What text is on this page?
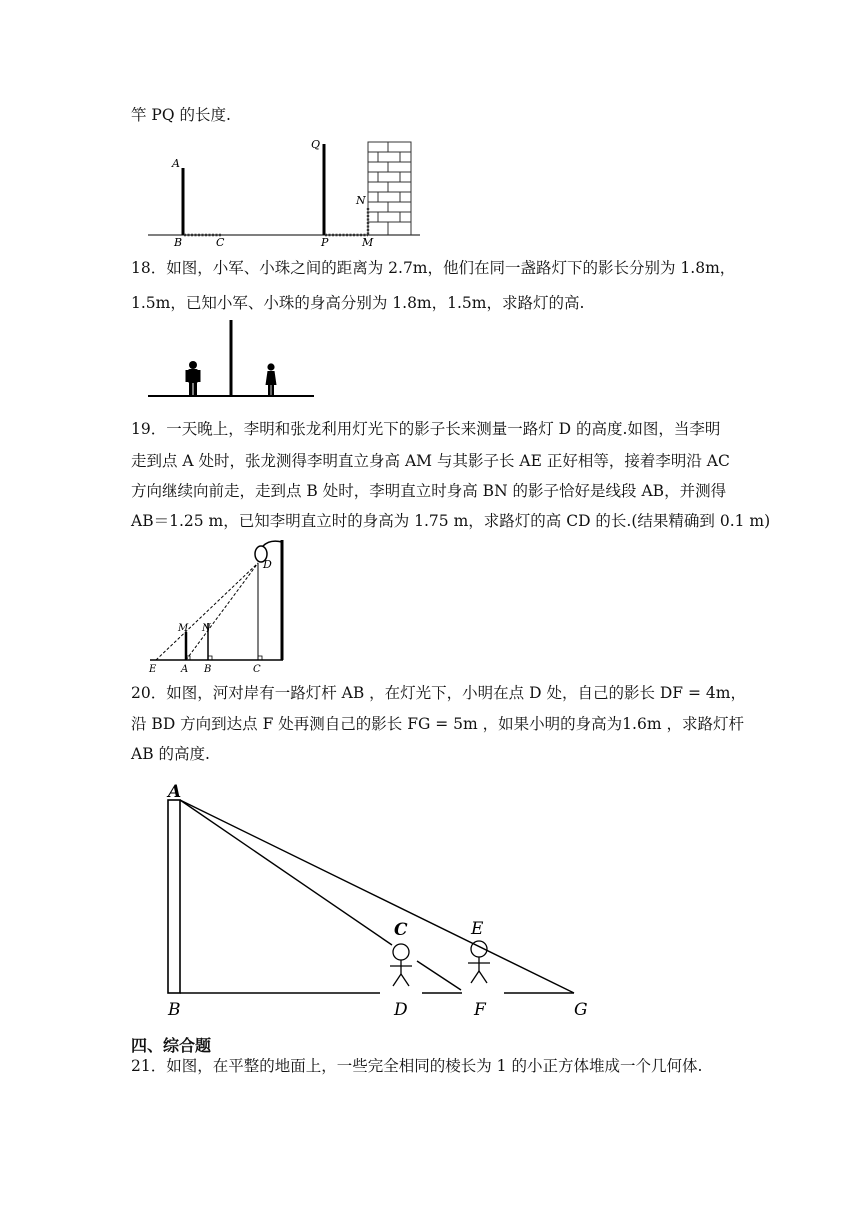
竿 PQ 的长度.
A
B	C
Q
P
N
M
18．如图，小军、小珠之间的距离为 2.7m，他们在同一盏路灯下的影长分别为 1.8m，
1.5m，已知小军、小珠的身高分别为 1.8m，1.5m，求路灯的高.
19．一天晚上，李明和张龙利用灯光下的影子长来测量一路灯 D 的高度.如图，当李明
走到点 A 处时，张龙测得李明直立身高 AM 与其影子长 AE 正好相等，接着李明沿 AC
方向继续向前走，走到点 B 处时，李明直立时身高 BN 的影子恰好是线段 AB，并测得
AB＝1.25 m，已知李明直立时的身高为 1.75 m，求路灯的高 CD 的长.(结果精确到 0.1 m)
D
M N
E A B	C
20．如图，河对岸有一路灯杆 AB ，在灯光下，小明在点 D 处，自己的影长 DF = 4m，
沿 BD 方向到达点 F 处再测自己的影长 FG = 5m ，如果小明的身高为1.6m ，求路灯杆
AB 的高度.
A
B
C
D
E
F	G
四、综合题
21．如图，在平整的地面上，一些完全相同的棱长为 1 的小正方体堆成一个几何体.
